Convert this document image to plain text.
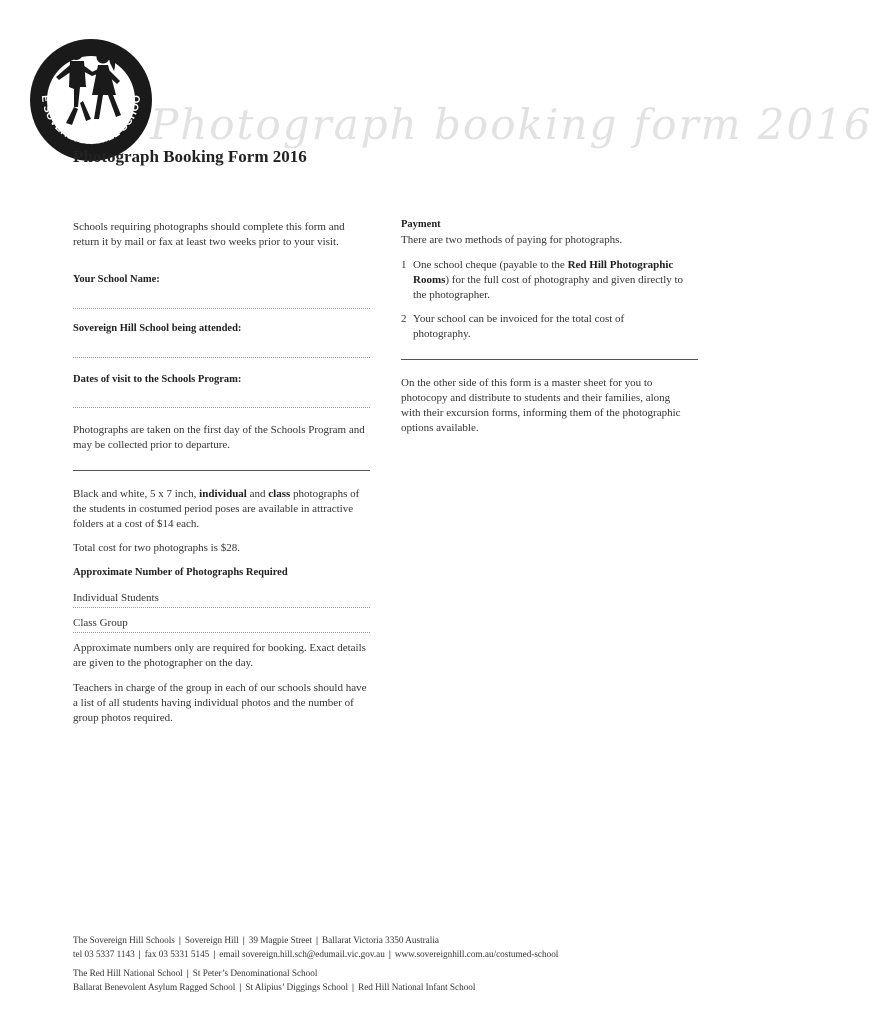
E SOVEREIGN HILL SCHOO
Photograph booking form 2016
Photograph Booking Form 2016
Schools requiring photographs should complete this form and return it by mail or fax at least two weeks prior to your visit.
Your School Name:
Sovereign Hill School being attended:
Dates of visit to the Schools Program:
Photographs are taken on the first day of the Schools Program and may be collected prior to departure.
Black and white, 5 x 7 inch, individual and class photographs of the students in costumed period poses are available in attractive folders at a cost of $14 each.
Total cost for two photographs is $28.
Approximate Number of Photographs Required
Individual Students
Class Group
Approximate numbers only are required for booking. Exact details are given to the photographer on the day.
Teachers in charge of the group in each of our schools should have a list of all students having individual photos and the number of group photos required.
Payment
There are two methods of paying for photographs.
1 One school cheque (payable to the Red Hill Photographic Rooms) for the full cost of photography and given directly to the photographer.
2 Your school can be invoiced for the total cost of photography.
On the other side of this form is a master sheet for you to photocopy and distribute to students and their families, along with their excursion forms, informing them of the photographic options available.
The Sovereign Hill Schools | Sovereign Hill | 39 Magpie Street | Ballarat Victoria 3350 Australia
tel 03 5337 1143 | fax 03 5331 5145 | email sovereign.hill.sch@edumail.vic.gov.au | www.sovereignhill.com.au/costumed-school
The Red Hill National School | St Peter’s Denominational School
Ballarat Benevolent Asylum Ragged School | St Alipius’ Diggings School | Red Hill National Infant School
